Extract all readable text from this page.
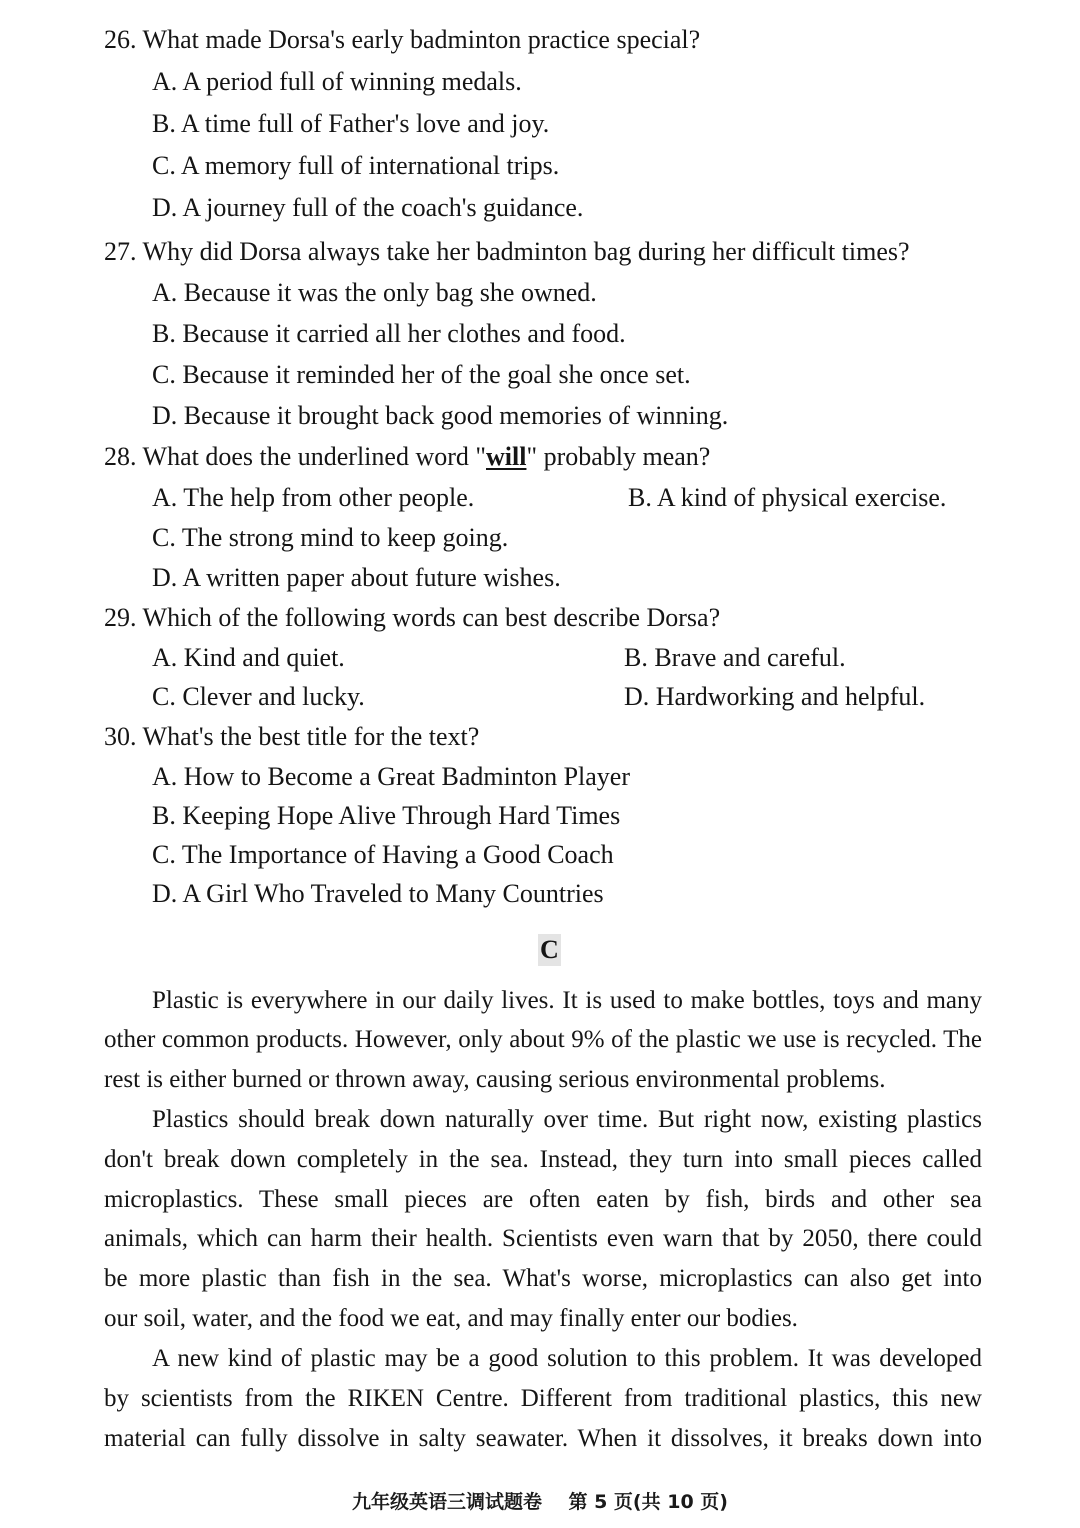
26. What made Dorsa's early badminton practice special?
A. A period full of winning medals.
B. A time full of Father's love and joy.
C. A memory full of international trips.
D. A journey full of the coach's guidance.
27. Why did Dorsa always take her badminton bag during her difficult times?
A. Because it was the only bag she owned.
B. Because it carried all her clothes and food.
C. Because it reminded her of the goal she once set.
D. Because it brought back good memories of winning.
28. What does the underlined word "will" probably mean?
A. The help from other people.	B. A kind of physical exercise.
C. The strong mind to keep going.
D. A written paper about future wishes.
29. Which of the following words can best describe Dorsa?
A. Kind and quiet.	B. Brave and careful.
C. Clever and lucky.	D. Hardworking and helpful.
30. What's the best title for the text?
A. How to Become a Great Badminton Player
B. Keeping Hope Alive Through Hard Times
C. The Importance of Having a Good Coach
D. A Girl Who Traveled to Many Countries
C
Plastic is everywhere in our daily lives. It is used to make bottles, toys and many
other common products. However, only about 9% of the plastic we use is recycled. The
rest is either burned or thrown away, causing serious environmental problems.
Plastics should break down naturally over time. But right now, existing plastics
don't break down completely in the sea. Instead, they turn into small pieces called
microplastics. These small pieces are often eaten by fish, birds and other sea
animals, which can harm their health. Scientists even warn that by 2050, there could
be more plastic than fish in the sea. What's worse, microplastics can also get into
our soil, water, and the food we eat, and may finally enter our bodies.
A new kind of plastic may be a good solution to this problem. It was developed
by scientists from the RIKEN Centre. Different from traditional plastics, this new
material can fully dissolve in salty seawater. When it dissolves, it breaks down into
九年级英语三调试题卷 第 5 页(共 10 页)
